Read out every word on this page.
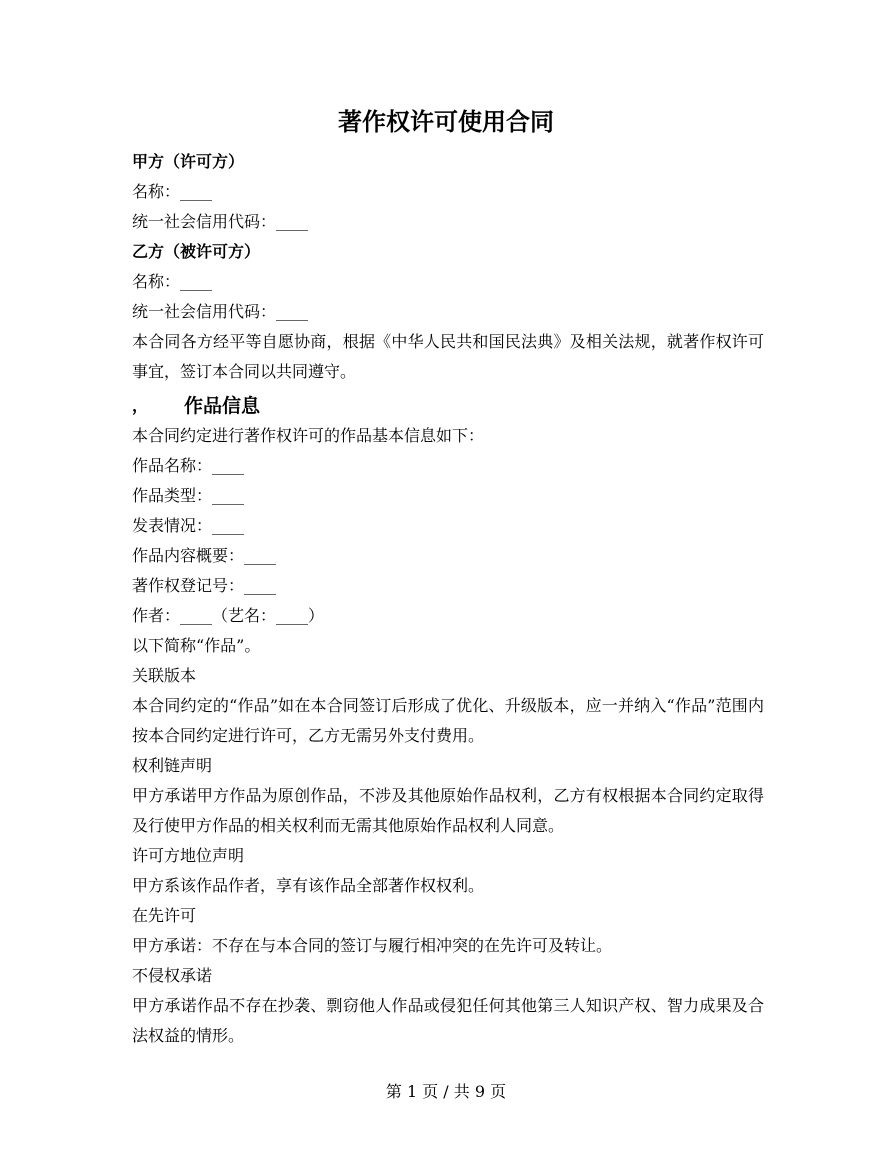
著作权许可使用合同

甲方（许可方）

名称：____

统一社会信用代码：____

乙方（被许可方）

名称：____

统一社会信用代码：____

本合同各方经平等自愿协商，根据《中华人民共和国民法典》及相关法规，就著作权许可事宜，签订本合同以共同遵守。

，	作品信息

本合同约定进行著作权许可的作品基本信息如下：

作品名称：____

作品类型：____

发表情况：____

作品内容概要：____

著作权登记号：____

作者：____（艺名：____）

以下简称“作品”。

关联版本

本合同约定的“作品”如在本合同签订后形成了优化、升级版本，应一并纳入“作品”范围内按本合同约定进行许可，乙方无需另外支付费用。

权利链声明

甲方承诺甲方作品为原创作品，不涉及其他原始作品权利，乙方有权根据本合同约定取得及行使甲方作品的相关权利而无需其他原始作品权利人同意。

许可方地位声明

甲方系该作品作者，享有该作品全部著作权权利。

在先许可

甲方承诺：不存在与本合同的签订与履行相冲突的在先许可及转让。

不侵权承诺

甲方承诺作品不存在抄袭、剽窃他人作品或侵犯任何其他第三人知识产权、智力成果及合法权益的情形。

第 1 页 / 共 9 页
